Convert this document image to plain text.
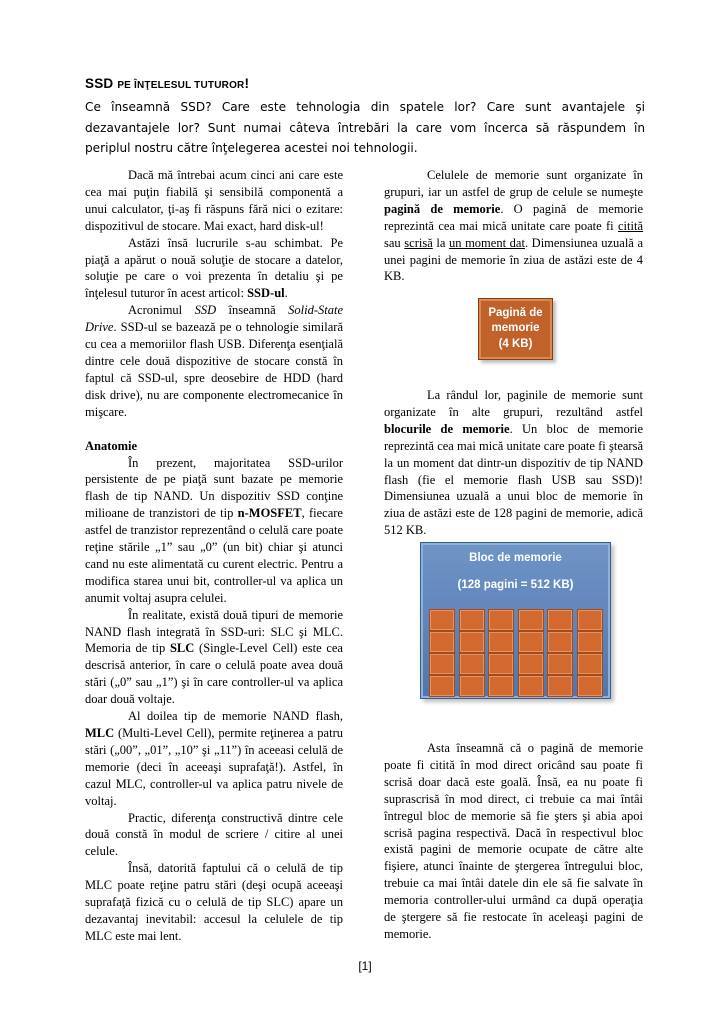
SSD PE ÎNŢELESUL TUTUROR!
Ce înseamnă SSD? Care este tehnologia din spatele lor? Care sunt avantajele şi dezavantajele lor? Sunt numai câteva întrebări la care vom încerca să răspundem în periplul nostru către înţelegerea acestei noi tehnologii.

Dacă mă întrebai acum cinci ani care este cea mai puţin fiabilă şi sensibilă componentă a unui calculator, ţi-aş fi răspuns fără nici o ezitare: dispozitivul de stocare. Mai exact, hard disk-ul!

Astăzi însă lucrurile s-au schimbat. Pe piaţă a apărut o nouă soluţie de stocare a datelor, soluţie pe care o voi prezenta în detaliu şi pe înţelesul tuturor în acest articol: SSD-ul.

Acronimul SSD înseamnă Solid-State Drive. SSD-ul se bazează pe o tehnologie similară cu cea a memoriilor flash USB. Diferenţa esenţială dintre cele două dispozitive de stocare constă în faptul că SSD-ul, spre deosebire de HDD (hard disk drive), nu are componente electromecanice în mişcare.

Anatomie

În prezent, majoritatea SSD-urilor persistente de pe piaţă sunt bazate pe memorie flash de tip NAND. Un dispozitiv SSD conţine milioane de tranzistori de tip n-MOSFET, fiecare astfel de tranzistor reprezentând o celulă care poate reţine stările „1” sau „0” (un bit) chiar şi atunci cand nu este alimentată cu curent electric. Pentru a modifica starea unui bit, controller-ul va aplica un anumit voltaj asupra celulei.

În realitate, există două tipuri de memorie NAND flash integrată în SSD-uri: SLC şi MLC. Memoria de tip SLC (Single-Level Cell) este cea descrisă anterior, în care o celulă poate avea două stări („0” sau „1”) şi în care controller-ul va aplica doar două voltaje.

Al doilea tip de memorie NAND flash, MLC (Multi-Level Cell), permite reţinerea a patru stări („00”, „01”, „10” şi „11”) în aceeasi celulă de memorie (deci în aceeaşi suprafaţă!). Astfel, în cazul MLC, controller-ul va aplica patru nivele de voltaj.

Practic, diferenţa constructivă dintre cele două constă în modul de scriere / citire al unei celule.

Însă, datorită faptului că o celulă de tip MLC poate reţine patru stări (deşi ocupă aceeaşi suprafaţă fizică cu o celulă de tip SLC) apare un dezavantaj inevitabil: accesul la celulele de tip MLC este mai lent.

Celulele de memorie sunt organizate în grupuri, iar un astfel de grup de celule se numeşte pagină de memorie. O pagină de memorie reprezintă cea mai mică unitate care poate fi citită sau scrisă la un moment dat. Dimensiunea uzuală a unei pagini de memorie în ziua de astăzi este de 4 KB.

Pagină de
memorie
(4 KB)

La rândul lor, paginile de memorie sunt organizate în alte grupuri, rezultând astfel blocurile de memorie. Un bloc de memorie reprezintă cea mai mică unitate care poate fi ştearsă la un moment dat dintr-un dispozitiv de tip NAND flash (fie el memorie flash USB sau SSD)! Dimensiunea uzuală a unui bloc de memorie în ziua de astăzi este de 128 pagini de memorie, adică 512 KB.

Bloc de memorie
(128 pagini = 512 KB)

Asta înseamnă că o pagină de memorie poate fi citită în mod direct oricând sau poate fi scrisă doar dacă este goală. Însă, ea nu poate fi suprascrisă în mod direct, ci trebuie ca mai întâi întregul bloc de memorie să fie şters şi abia apoi scrisă pagina respectivă. Dacă în respectivul bloc există pagini de memorie ocupate de către alte fişiere, atunci înainte de ştergerea întregului bloc, trebuie ca mai întâi datele din ele să fie salvate în memoria controller-ului urmând ca după operaţia de ştergere să fie restocate în aceleaşi pagini de memorie.

[1]
